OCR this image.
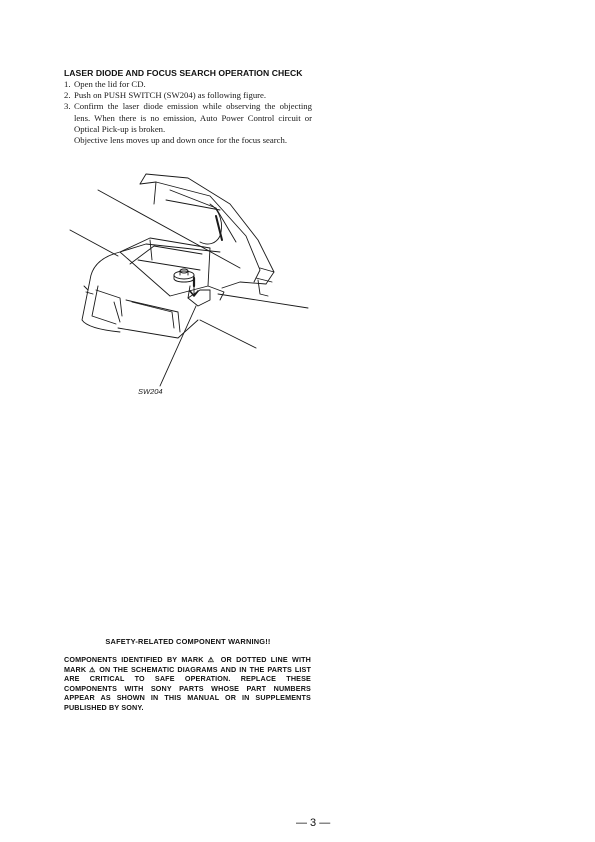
LASER DIODE AND FOCUS SEARCH OPERATION CHECK
1. Open the lid for CD.
2. Push on PUSH SWITCH (SW204) as following figure.
3. Confirm the laser diode emission while observing the objecting lens. When there is no emission, Auto Power Control circuit or Optical Pick-up is broken.
Objective lens moves up and down once for the focus search.
SW204
SAFETY-RELATED COMPONENT WARNING!!
COMPONENTS IDENTIFIED BY MARK ⚠ OR DOTTED LINE WITH MARK ⚠ ON THE SCHEMATIC DIAGRAMS AND IN THE PARTS LIST ARE CRITICAL TO SAFE OPERATION. REPLACE THESE COMPONENTS WITH SONY PARTS WHOSE PART NUMBERS APPEAR AS SHOWN IN THIS MANUAL OR IN SUPPLEMENTS PUBLISHED BY SONY.
— 3 —
